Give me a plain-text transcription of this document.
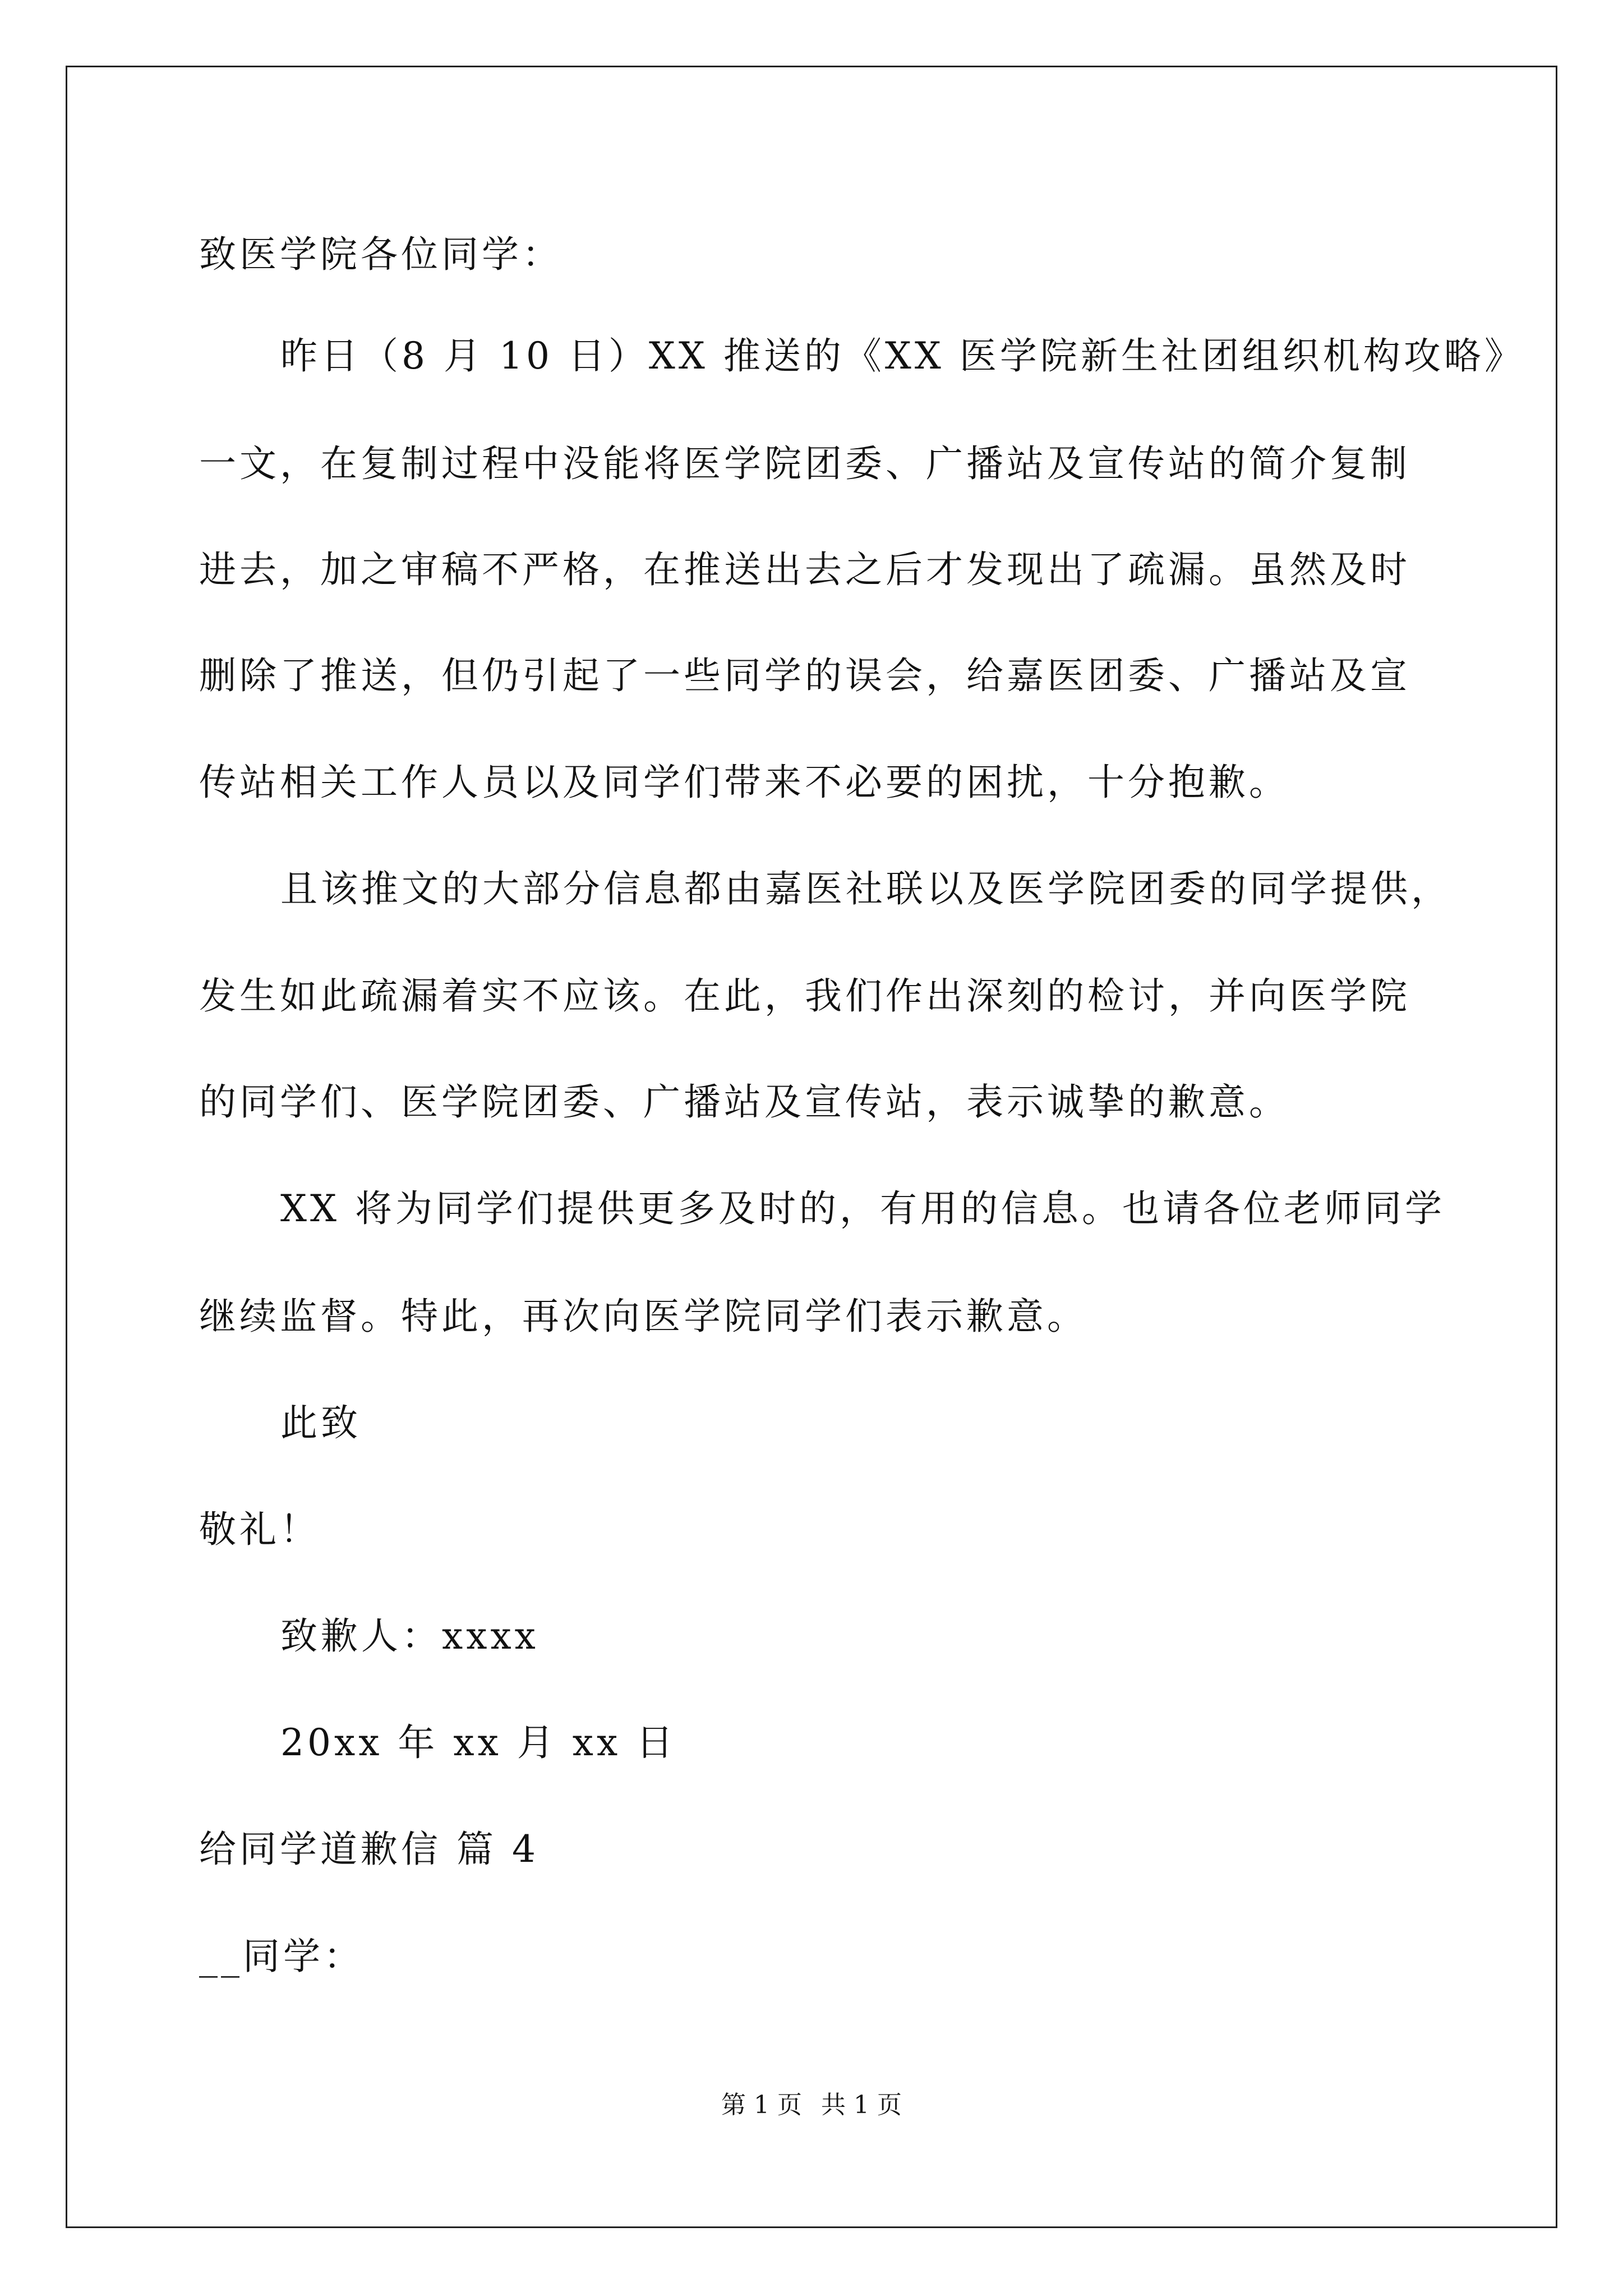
致医学院各位同学：
昨日（8 月 10 日）XX 推送的《XX 医学院新生社团组织机构攻略》
一文，在复制过程中没能将医学院团委、广播站及宣传站的简介复制
进去，加之审稿不严格，在推送出去之后才发现出了疏漏。虽然及时
删除了推送，但仍引起了一些同学的误会，给嘉医团委、广播站及宣
传站相关工作人员以及同学们带来不必要的困扰，十分抱歉。
且该推文的大部分信息都由嘉医社联以及医学院团委的同学提供，
发生如此疏漏着实不应该。在此，我们作出深刻的检讨，并向医学院
的同学们、医学院团委、广播站及宣传站，表示诚挚的歉意。
XX 将为同学们提供更多及时的，有用的信息。也请各位老师同学
继续监督。特此，再次向医学院同学们表示歉意。
此致
敬礼！
致歉人：xxxx
20xx 年 xx 月 xx 日
给同学道歉信 篇 4
__同学：
第 1 页 共 1 页
